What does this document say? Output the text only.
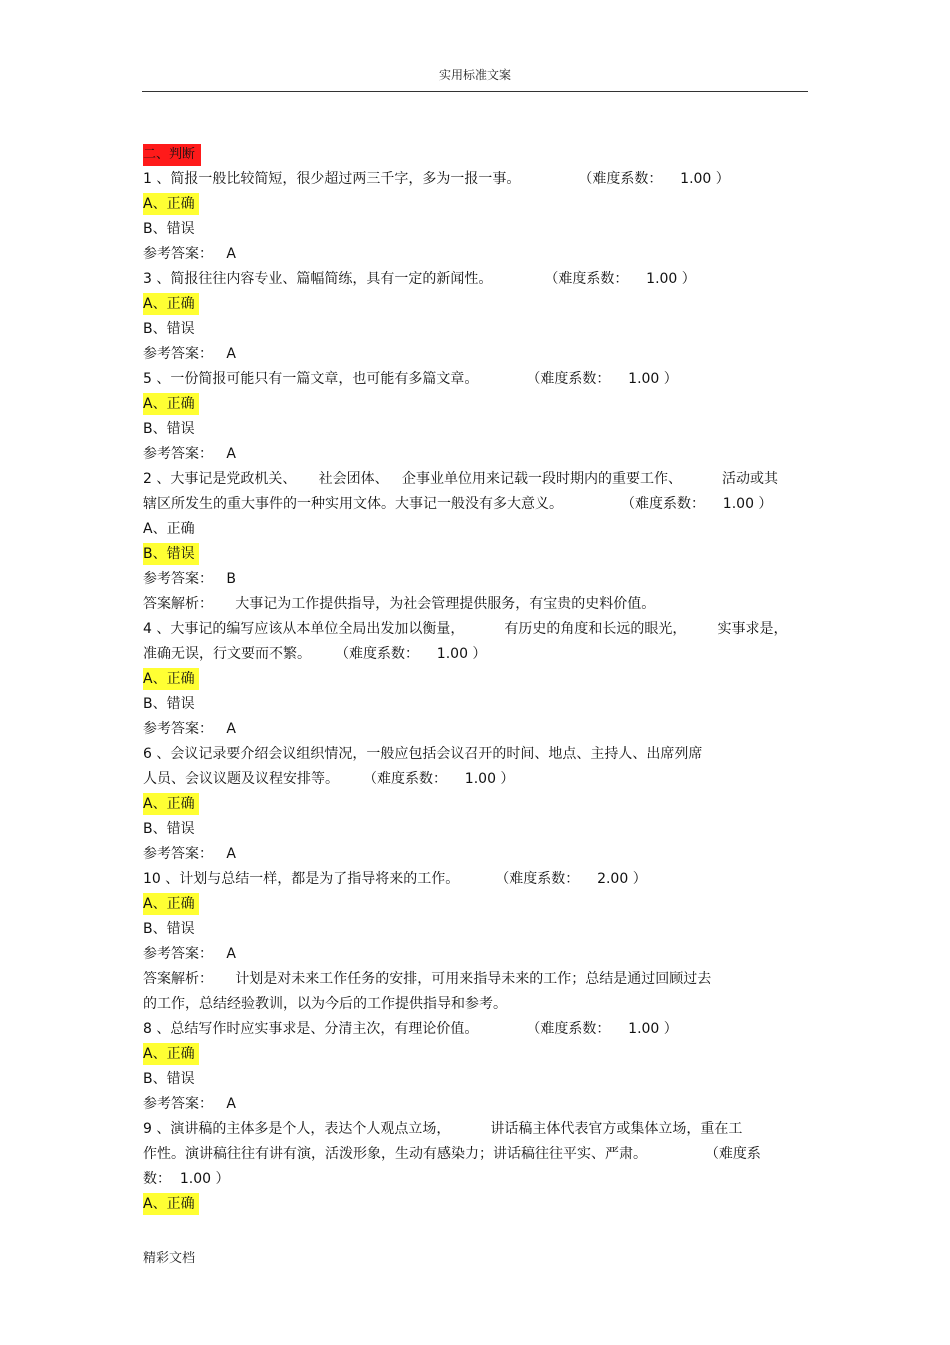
实用标准文案
二、判断
1 、简报一般比较简短，很少超过两三千字，多为一报一事。	（难度系数：    1.00 ）
A、正确
B、错误
参考答案：   A
3 、简报往往内容专业、篇幅简练，具有一定的新闻性。	（难度系数：    1.00 ）
A、正确
B、错误
参考答案：   A
5 、一份简报可能只有一篇文章，也可能有多篇文章。	（难度系数：    1.00 ）
A、正确
B、错误
参考答案：   A
2 、大事记是党政机关、     社会团体、   企事业单位用来记载一段时期内的重要工作、         活动或其
辖区所发生的重大事件的一种实用文体。大事记一般没有多大意义。	（难度系数：    1.00 ）
A、正确
B、错误
参考答案：   B
答案解析：     大事记为工作提供指导，为社会管理提供服务，有宝贵的史料价值。
4 、大事记的编写应该从本单位全局出发加以衡量，         有历史的角度和长远的眼光，       实事求是，
准确无误，行文要而不繁。 （难度系数：    1.00 ）
A、正确
B、错误
参考答案：   A
6 、会议记录要介绍会议组织情况，一般应包括会议召开的时间、地点、主持人、出席列席
人员、会议议题及议程安排等。 （难度系数：    1.00 ）
A、正确
B、错误
参考答案：   A
10 、计划与总结一样，都是为了指导将来的工作。	（难度系数：    2.00 ）
A、正确
B、错误
参考答案：   A
答案解析：     计划是对未来工作任务的安排，可用来指导未来的工作；总结是通过回顾过去
的工作，总结经验教训，以为今后的工作提供指导和参考。
8 、总结写作时应实事求是、分清主次，有理论价值。	（难度系数：    1.00 ）
A、正确
B、错误
参考答案：   A
9 、演讲稿的主体多是个人，表达个人观点立场，         讲话稿主体代表官方或集体立场，重在工
作性。演讲稿往往有讲有演，活泼形象，生动有感染力；讲话稿往往平实、严肃。             （难度系
数：  1.00 ）
A、正确
精彩文档
